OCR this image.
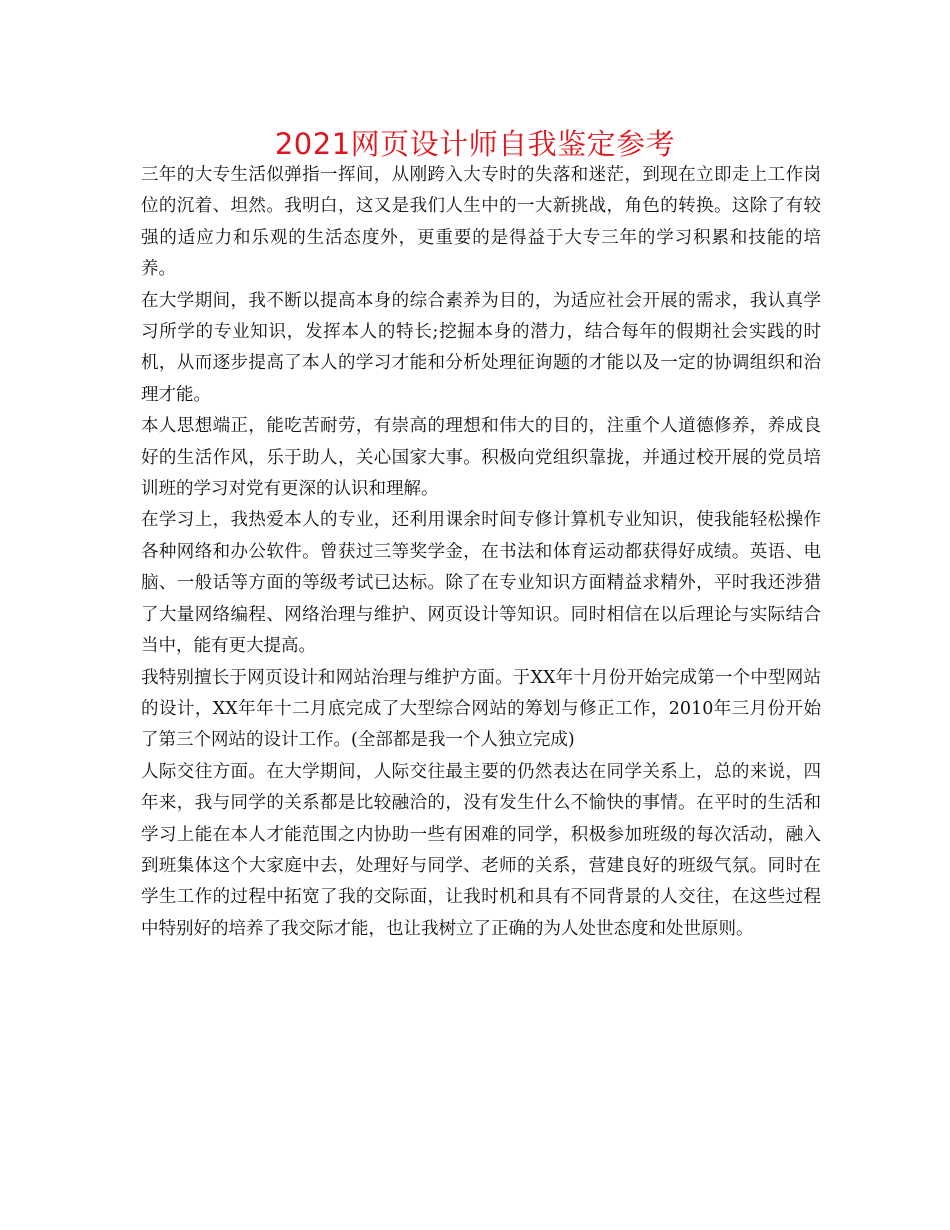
2021网页设计师自我鉴定参考

三年的大专生活似弹指一挥间，从刚跨入大专时的失落和迷茫，到现在立即走上工作岗位的沉着、坦然。我明白，这又是我们人生中的一大新挑战，角色的转换。这除了有较强的适应力和乐观的生活态度外，更重要的是得益于大专三年的学习积累和技能的培养。

在大学期间，我不断以提高本身的综合素养为目的，为适应社会开展的需求，我认真学习所学的专业知识，发挥本人的特长;挖掘本身的潜力，结合每年的假期社会实践的时机，从而逐步提高了本人的学习才能和分析处理征询题的才能以及一定的协调组织和治理才能。

本人思想端正，能吃苦耐劳，有崇高的理想和伟大的目的，注重个人道德修养，养成良好的生活作风，乐于助人，关心国家大事。积极向党组织靠拢，并通过校开展的党员培训班的学习对党有更深的认识和理解。

在学习上，我热爱本人的专业，还利用课余时间专修计算机专业知识，使我能轻松操作各种网络和办公软件。曾获过三等奖学金，在书法和体育运动都获得好成绩。英语、电脑、一般话等方面的等级考试已达标。除了在专业知识方面精益求精外，平时我还涉猎了大量网络编程、网络治理与维护、网页设计等知识。同时相信在以后理论与实际结合当中，能有更大提高。

我特别擅长于网页设计和网站治理与维护方面。于XX年十月份开始完成第一个中型网站的设计，XX年年十二月底完成了大型综合网站的筹划与修正工作，2010年三月份开始了第三个网站的设计工作。(全部都是我一个人独立完成)

人际交往方面。在大学期间，人际交往最主要的仍然表达在同学关系上，总的来说，四年来，我与同学的关系都是比较融洽的，没有发生什么不愉快的事情。在平时的生活和学习上能在本人才能范围之内协助一些有困难的同学，积极参加班级的每次活动，融入到班集体这个大家庭中去，处理好与同学、老师的关系，营建良好的班级气氛。同时在学生工作的过程中拓宽了我的交际面，让我时机和具有不同背景的人交往，在这些过程中特别好的培养了我交际才能，也让我树立了正确的为人处世态度和处世原则。
